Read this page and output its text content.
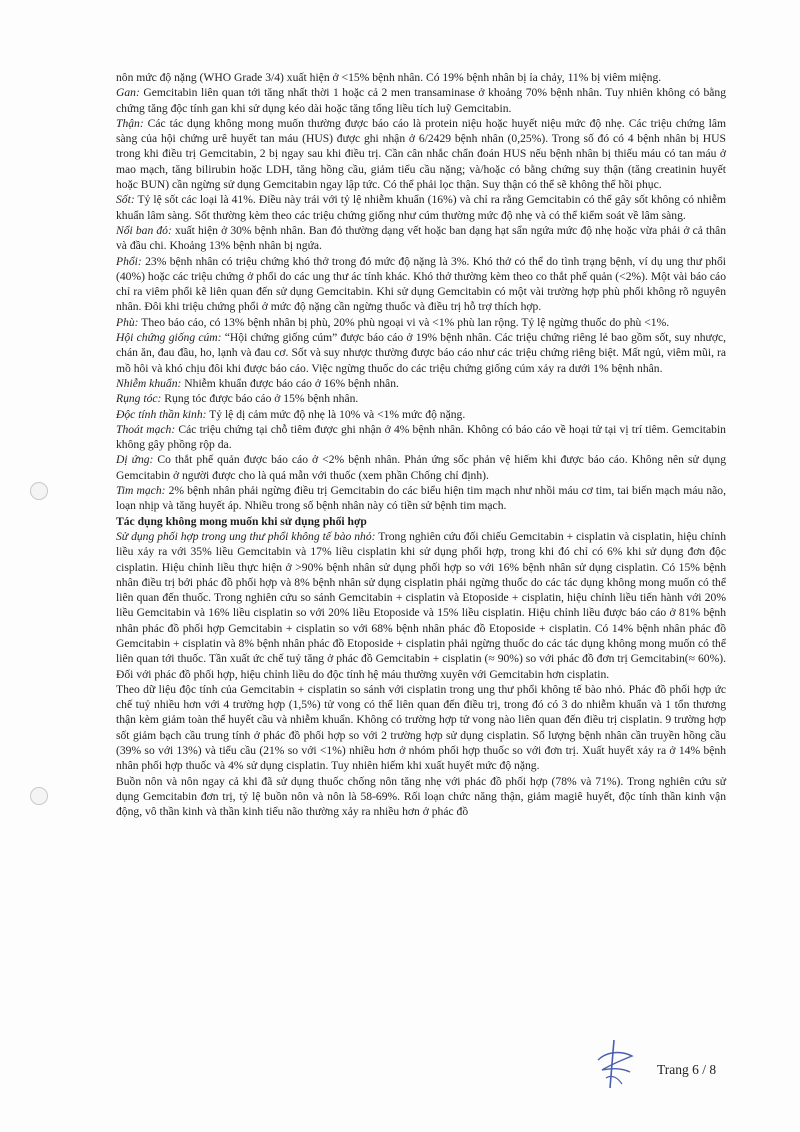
nôn mức độ nặng (WHO Grade 3/4) xuất hiện ở <15% bệnh nhân. Có 19% bệnh nhân bị ỉa chảy, 11% bị viêm miệng.

Gan: Gemcitabin liên quan tới tăng nhất thời 1 hoặc cả 2 men transaminase ở khoảng 70% bệnh nhân. Tuy nhiên không có bằng chứng tăng độc tính gan khi sử dụng kéo dài hoặc tăng tổng liều tích luỹ Gemcitabin.

Thận: Các tác dụng không mong muốn thường được báo cáo là protein niệu hoặc huyết niệu mức độ nhẹ. Các triệu chứng lâm sàng của hội chứng urê huyết tan máu (HUS) được ghi nhận ở 6/2429 bệnh nhân (0,25%). Trong số đó có 4 bệnh nhân bị HUS trong khi điều trị Gemcitabin, 2 bị ngay sau khi điều trị. Cần cân nhắc chẩn đoán HUS nếu bệnh nhân bị thiếu máu có tan máu ở mao mạch, tăng bilirubin hoặc LDH, tăng hồng cầu, giảm tiểu cầu nặng; và/hoặc có bằng chứng suy thận (tăng creatinin huyết hoặc BUN) cần ngừng sử dụng Gemcitabin ngay lập tức. Có thể phải lọc thận. Suy thận có thể sẽ không thể hồi phục.

Sốt: Tỷ lệ sốt các loại là 41%. Điều này trái với tỷ lệ nhiễm khuẩn (16%) và chỉ ra rằng Gemcitabin có thể gây sốt không có nhiễm khuẩn lâm sàng. Sốt thường kèm theo các triệu chứng giống như cúm thường mức độ nhẹ và có thể kiểm soát về lâm sàng.

Nổi ban đỏ: xuất hiện ở 30% bệnh nhân. Ban đỏ thường dạng vết hoặc ban dạng hạt sẩn ngứa mức độ nhẹ hoặc vừa phải ở cả thân và đầu chi. Khoảng 13% bệnh nhân bị ngứa.

Phổi: 23% bệnh nhân có triệu chứng khó thở trong đó mức độ nặng là 3%. Khó thở có thể do tình trạng bệnh, ví dụ ung thư phổi (40%) hoặc các triệu chứng ở phổi do các ung thư ác tính khác. Khó thở thường kèm theo co thắt phế quản (<2%). Một vài báo cáo chỉ ra viêm phổi kẽ liên quan đến sử dụng Gemcitabin. Khi sử dụng Gemcitabin có một vài trường hợp phù phổi không rõ nguyên nhân. Đôi khi triệu chứng phổi ở mức độ nặng cần ngừng thuốc và điều trị hỗ trợ thích hợp.

Phù: Theo báo cáo, có 13% bệnh nhân bị phù, 20% phù ngoại vi và <1% phù lan rộng. Tỷ lệ ngừng thuốc do phù <1%.

Hội chứng giống cúm: “Hội chứng giống cúm” được báo cáo ở 19% bệnh nhân. Các triệu chứng riêng lẻ bao gồm sốt, suy nhược, chán ăn, đau đầu, ho, lạnh và đau cơ. Sốt và suy nhược thường được báo cáo như các triệu chứng riêng biệt. Mất ngủ, viêm mũi, ra mồ hôi và khó chịu đôi khi được báo cáo. Việc ngừng thuốc do các triệu chứng giống cúm xảy ra dưới 1% bệnh nhân.

Nhiễm khuẩn: Nhiễm khuẩn được báo cáo ở 16% bệnh nhân.

Rụng tóc: Rụng tóc được báo cáo ở 15% bệnh nhân.

Độc tính thần kinh: Tỷ lệ dị cảm mức độ nhẹ là 10% và <1% mức độ nặng.

Thoát mạch: Các triệu chứng tại chỗ tiêm được ghi nhận ở 4% bệnh nhân. Không có báo cáo về hoại tử tại vị trí tiêm. Gemcitabin không gây phồng rộp da.

Dị ứng: Co thắt phế quản được báo cáo ở <2% bệnh nhân. Phản ứng sốc phản vệ hiếm khi được báo cáo. Không nên sử dụng Gemcitabin ở người được cho là quá mẫn với thuốc (xem phần Chống chỉ định).

Tim mạch: 2% bệnh nhân phải ngừng điều trị Gemcitabin do các biểu hiện tim mạch như nhồi máu cơ tim, tai biến mạch máu não, loạn nhịp và tăng huyết áp. Nhiều trong số bệnh nhân này có tiền sử bệnh tim mạch.

Tác dụng không mong muốn khi sử dụng phối hợp

Sử dụng phối hợp trong ung thư phổi không tế bào nhỏ: Trong nghiên cứu đối chiếu Gemcitabin + cisplatin và cisplatin, hiệu chỉnh liều xảy ra với 35% liều Gemcitabin và 17% liều cisplatin khi sử dụng phối hợp, trong khi đó chỉ có 6% khi sử dụng đơn độc cisplatin. Hiệu chỉnh liều thực hiện ở >90% bệnh nhân sử dụng phối hợp so với 16% bệnh nhân sử dụng cisplatin. Có 15% bệnh nhân điều trị bởi phác đồ phối hợp và 8% bệnh nhân sử dụng cisplatin phải ngừng thuốc do các tác dụng không mong muốn có thể liên quan đến thuốc. Trong nghiên cứu so sánh Gemcitabin + cisplatin và Etoposide + cisplatin, hiệu chỉnh liều tiến hành với 20% liều Gemcitabin và 16% liều cisplatin so với 20% liều Etoposide và 15% liều cisplatin. Hiệu chỉnh liều được báo cáo ở 81% bệnh nhân phác đồ phối hợp Gemcitabin + cisplatin so với 68% bệnh nhân phác đồ Etoposide + cisplatin. Có 14% bệnh nhân phác đồ Gemcitabin + cisplatin và 8% bệnh nhân phác đồ Etoposide + cisplatin phải ngừng thuốc do các tác dụng không mong muốn có thể liên quan tới thuốc. Tần xuất ức chế tuỷ tăng ở phác đồ Gemcitabin + cisplatin (≈ 90%) so với phác đồ đơn trị Gemcitabin(≈ 60%). Đối với phác đồ phối hợp, hiệu chỉnh liều do độc tính hệ máu thường xuyên với Gemcitabin hơn cisplatin.

Theo dữ liệu độc tính của Gemcitabin + cisplatin so sánh với cisplatin trong ung thư phổi không tế bào nhỏ. Phác đồ phối hợp ức chế tuỷ nhiều hơn với 4 trường hợp (1,5%) tử vong có thể liên quan đến điều trị, trong đó có 3 do nhiễm khuẩn và 1 tổn thương thận kèm giảm toàn thể huyết cầu và nhiễm khuẩn. Không có trường hợp tử vong nào liên quan đến điều trị cisplatin. 9 trường hợp sốt giảm bạch cầu trung tính ở phác đồ phối hợp so với 2 trường hợp sử dụng cisplatin. Số lượng bệnh nhân cần truyền hồng cầu (39% so với 13%) và tiểu cầu (21% so với <1%) nhiều hơn ở nhóm phối hợp thuốc so với đơn trị. Xuất huyết xảy ra ở 14% bệnh nhân phối hợp thuốc và 4% sử dụng cisplatin. Tuy nhiên hiếm khi xuất huyết mức độ nặng.

Buồn nôn và nôn ngay cả khi đã sử dụng thuốc chống nôn tăng nhẹ với phác đồ phối hợp (78% và 71%). Trong nghiên cứu sử dụng Gemcitabin đơn trị, tỷ lệ buồn nôn và nôn là 58-69%. Rối loạn chức năng thận, giảm magiê huyết, độc tính thần kinh vận động, vô thần kinh và thần kinh tiểu não thường xảy ra nhiều hơn ở phác đồ

Trang 6 / 8
